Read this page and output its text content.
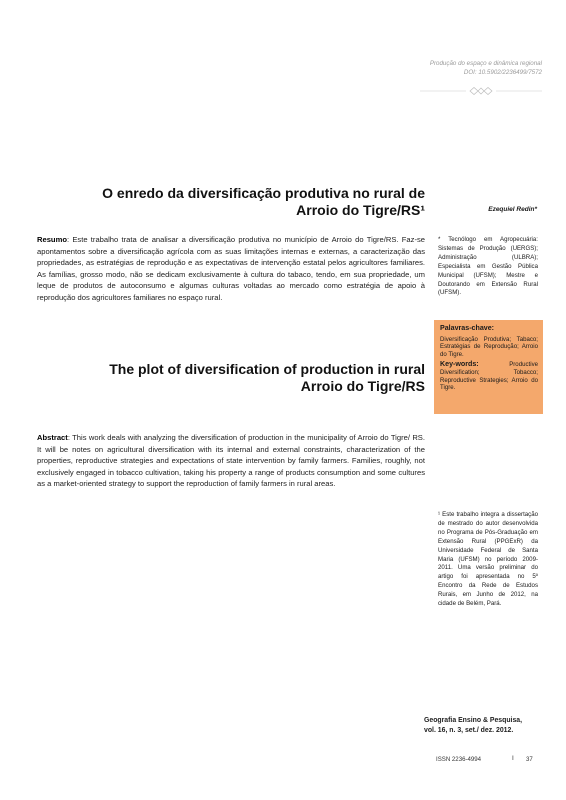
Produção do espaço e dinâmica regional
DOI: 10.5902/2236499/7572
O enredo da diversificação produtiva no rural de Arroio do Tigre/RS¹	Ezequiel Redin*
Resumo: Este trabalho trata de analisar a diversificação produtiva no município de Arroio do Tigre/RS. Faz-se apontamentos sobre a diversificação agrícola com as suas limitações internas e externas, a caracterização das propriedades, as estratégias de reprodução e as expectativas de intervenção estatal pelos agricultores familiares. As famílias, grosso modo, não se dedicam exclusivamente à cultura do tabaco, tendo, em sua propriedade, um leque de produtos de autoconsumo e algumas culturas voltadas ao mercado como estratégia de apoio à reprodução dos agricultores familiares no espaço rural.
* Tecnólogo em Agropecuária: Sistemas de Produção (UERGS); Administração (ULBRA); Especialista em Gestão Pública Municipal (UFSM); Mestre e Doutorando em Extensão Rural (UFSM).
Palavras-chave:
Diversificação Produtiva; Tabaco; Estratégias de Reprodução; Arroio do Tigre.
Key-words: Productive Diversification; Tobacco; Reproductive Strategies; Arroio do Tigre.
The plot of diversification of production in rural Arroio do Tigre/RS
Abstract: This work deals with analyzing the diversification of production in the municipality of Arroio do Tigre/ RS. It will be notes on agricultural diversification with its internal and external constraints, characterization of the properties, reproductive strategies and expectations of state intervention by family farmers. Families, roughly, not exclusively engaged in tobacco cultivation, taking his property a range of products consumption and some cultures as a market-oriented strategy to support the reproduction of family farmers in rural areas.
¹ Este trabalho integra a dissertação de mestrado do autor desenvolvida no Programa de Pós-Graduação em Extensão Rural (PPGExR) da Universidade Federal de Santa Maria (UFSM) no período 2009-2011. Uma versão preliminar do artigo foi apresentada no 5º Encontro da Rede de Estudos Rurais, em Junho de 2012, na cidade de Belém, Pará.
Geografia Ensino & Pesquisa,
vol. 16, n. 3, set./ dez. 2012.
ISSN 2236-4994	I 37
